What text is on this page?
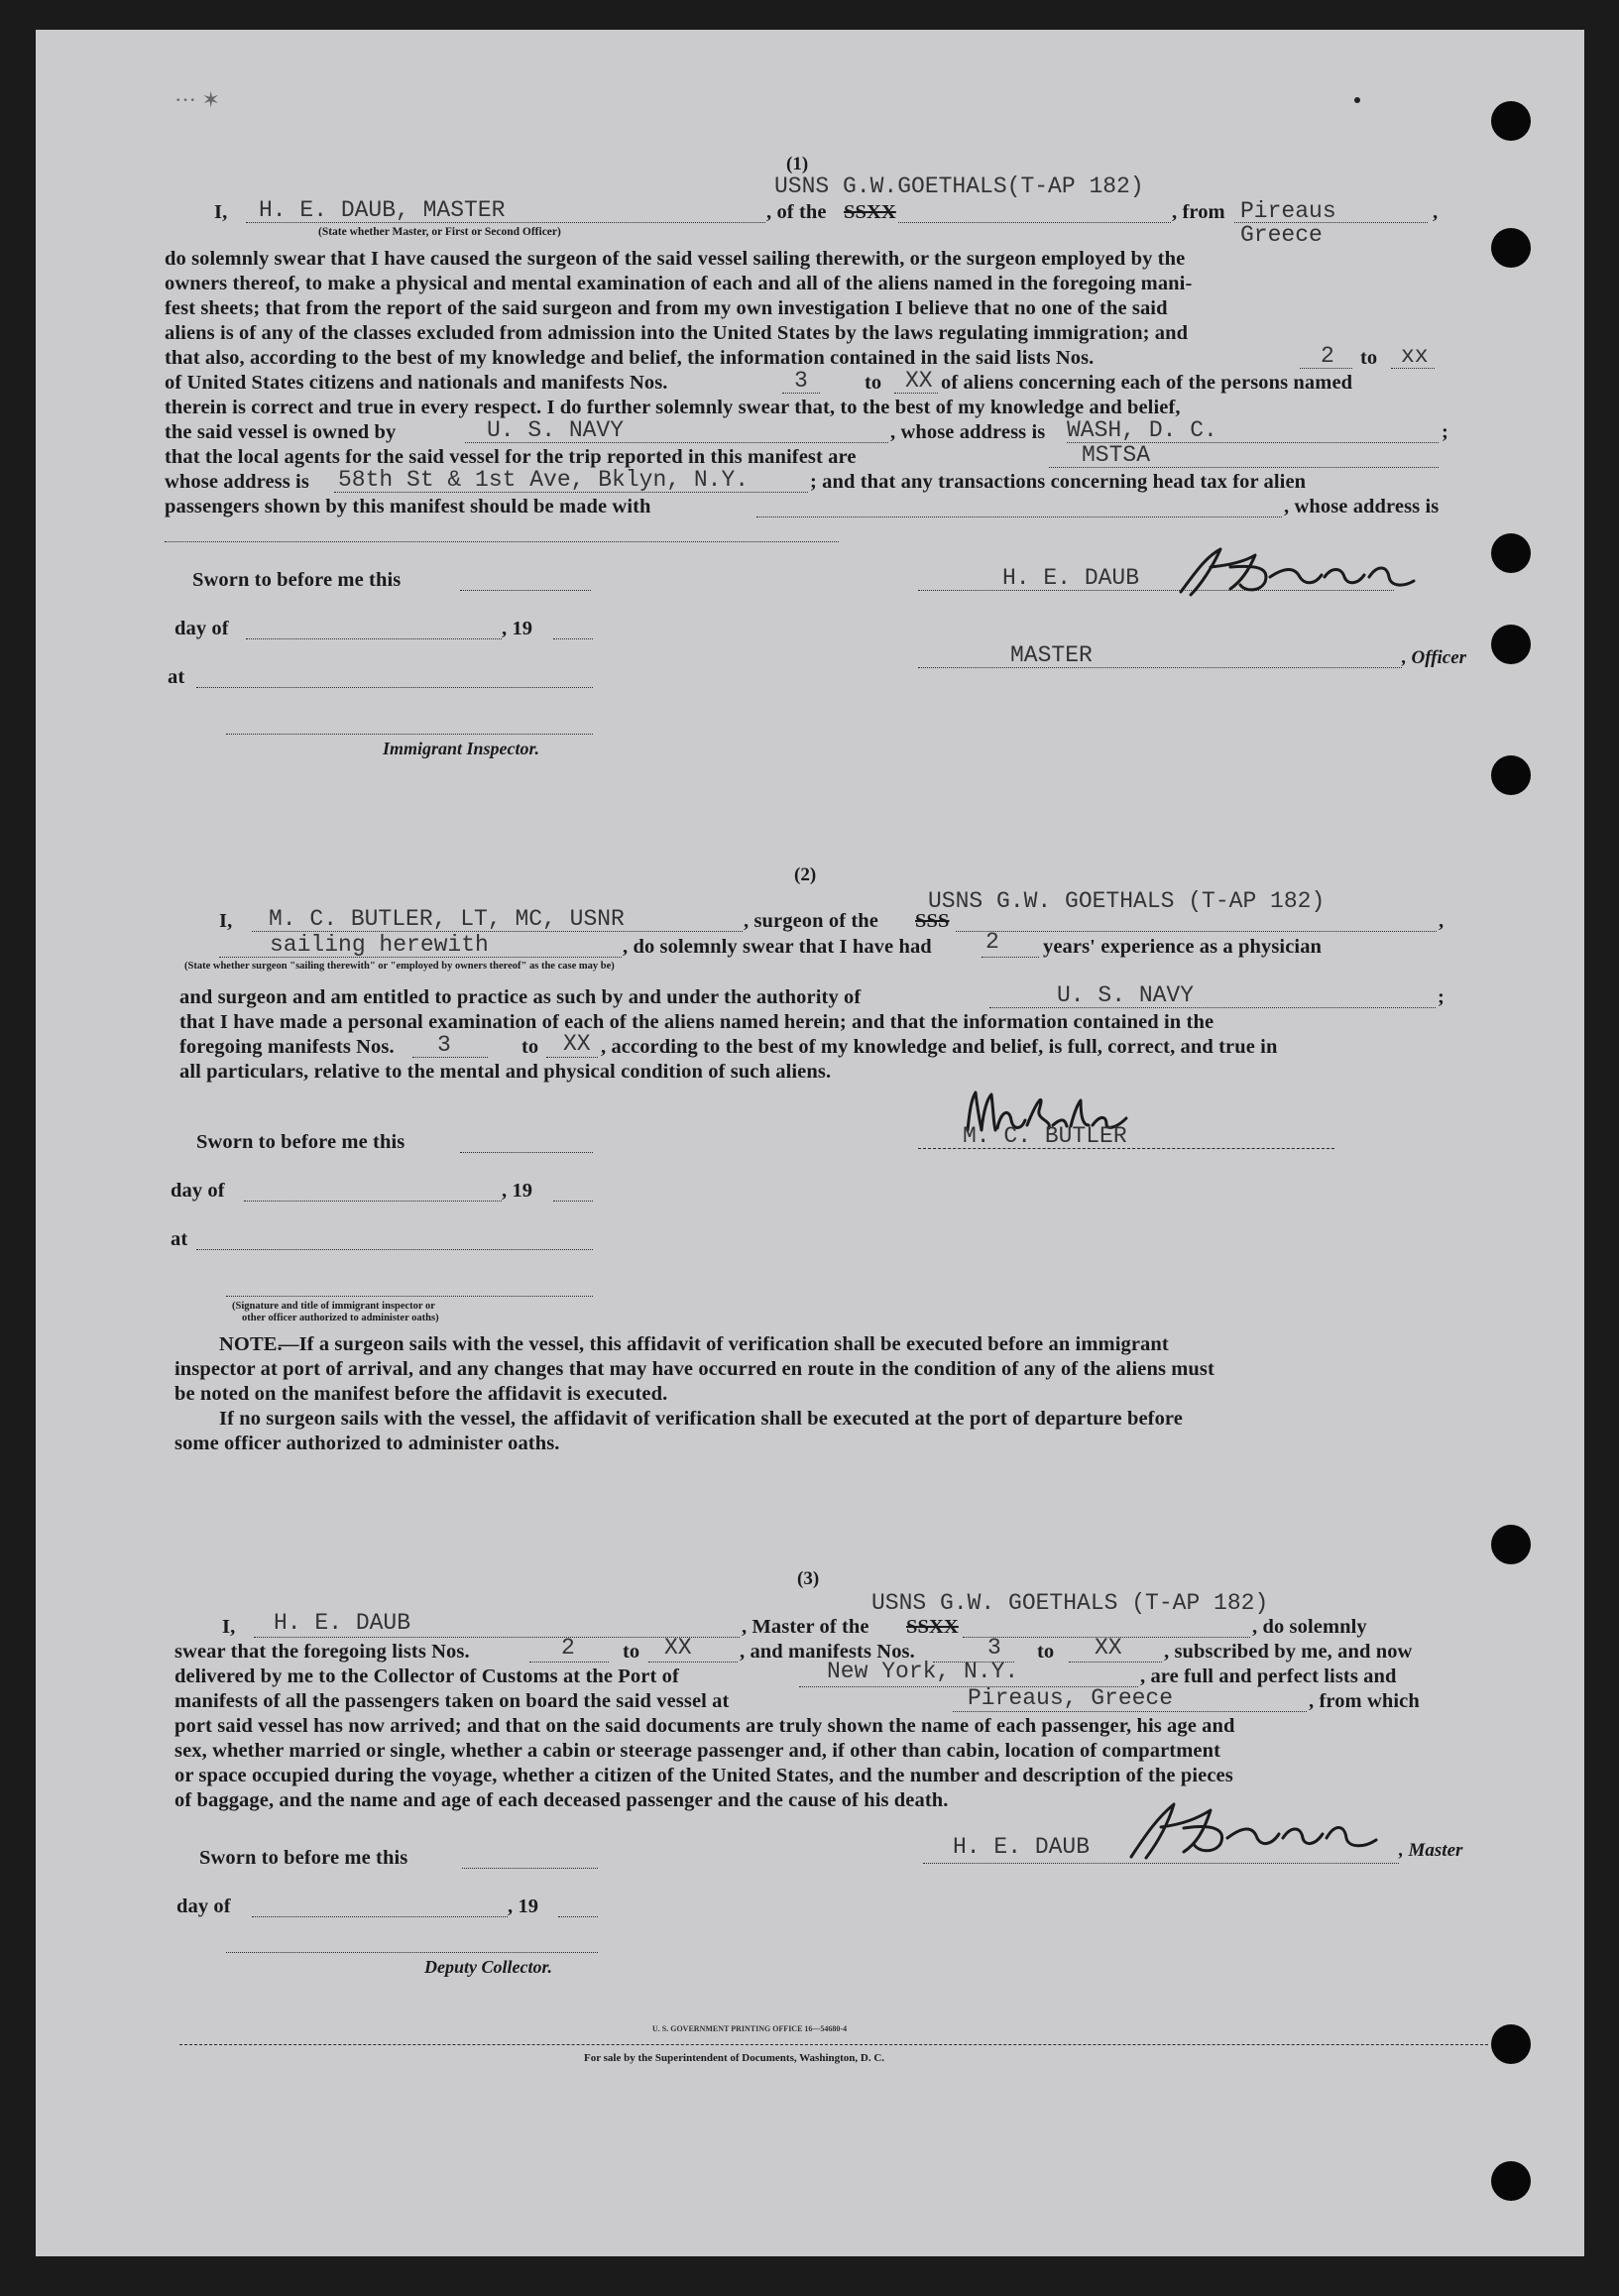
··· ✶
(1)
USNS G.W.GOETHALS(T-AP 182)
Greece
I, H. E. DAUB, MASTER	, of the SSXX	, from Pireaus	,
(State whether Master, or First or Second Officer)
do solemnly swear that I have caused the surgeon of the said vessel sailing therewith, or the surgeon employed by the
owners thereof, to make a physical and mental examination of each and all of the aliens named in the foregoing mani-
fest sheets; that from the report of the said surgeon and from my own investigation I believe that no one of the said
aliens is of any of the classes excluded from admission into the United States by the laws regulating immigration; and
that also, according to the best of my knowledge and belief, the information contained in the said lists Nos.	2 to xx
of United States citizens and nationals and manifests Nos.	3	to XX of aliens concerning each of the persons named
therein is correct and true in every respect. I do further solemnly swear that, to the best of my knowledge and belief,
the said vessel is owned by	U. S. NAVY	, whose address is WASH, D. C.	;
that the local agents for the said vessel for the trip reported in this manifest are	MSTSA
whose address is 58th St & 1st Ave, Bklyn, N.Y.	; and that any transactions concerning head tax for alien
passengers shown by this manifest should be made with	, whose address is
Sworn to before me this
day of	, 19
at
Immigrant Inspector.
H. E. DAUB
MASTER	, Officer
(2)
USNS G.W. GOETHALS (T-AP 182)
I, M. C. BUTLER, LT, MC, USNR	, surgeon of the SSS	,
sailing herewith	, do solemnly swear that I have had 2 years' experience as a physician
(State whether surgeon "sailing therewith" or "employed by owners thereof" as the case may be)
and surgeon and am entitled to practice as such by and under the authority of	U. S. NAVY	;
that I have made a personal examination of each of the aliens named herein; and that the information contained in the
foregoing manifests Nos. 3	to XX , according to the best of my knowledge and belief, is full, correct, and true in
all particulars, relative to the mental and physical condition of such aliens.
M. C. BUTLER
Sworn to before me this
day of	, 19
at
(Signature and title of immigrant inspector or
other officer authorized to administer oaths)
NOTE.
—If a surgeon sails with the vessel, this affidavit of verification shall be executed before an immigrant
inspector at port of arrival, and any changes that may have occurred en route in the condition of any of the aliens must
be noted on the manifest before the affidavit is executed.
If no surgeon sails with the vessel, the affidavit of verification shall be executed at the port of departure before
some officer authorized to administer oaths.
(3)
USNS G.W. GOETHALS (T-AP 182)
I, H. E. DAUB	, Master of the SSXX	, do solemnly
swear that the foregoing lists Nos.	2 to XX , and manifests Nos.	3 to XX , subscribed by me, and now
delivered by me to the Collector of Customs at the Port of	New York, N.Y.	, are full and perfect lists and
manifests of all the passengers taken on board the said vessel at	Pireaus, Greece	, from which
port said vessel has now arrived; and that on the said documents are truly shown the name of each passenger, his age and
sex, whether married or single, whether a cabin or steerage passenger and, if other than cabin, location of compartment
or space occupied during the voyage, whether a citizen of the United States, and the number and description of the pieces
of baggage, and the name and age of each deceased passenger and the cause of his death.
Sworn to before me this
day of	, 19
Deputy Collector.
H. E. DAUB	, Master
U. S. GOVERNMENT PRINTING OFFICE 16—54680-4
For sale by the Superintendent of Documents, Washington, D. C.
